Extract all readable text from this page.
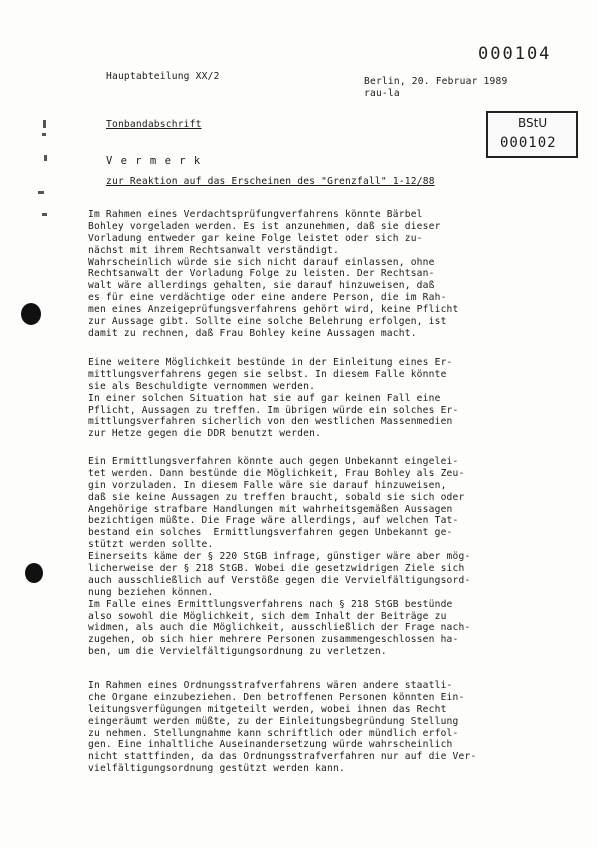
000104
Hauptabteilung XX/2	Berlin, 20. Februar 1989
rau-la
BStU
000102
Tonbandabschrift
V e r m e r k
zur Reaktion auf das Erscheinen des "Grenzfall" 1-12/88
Im Rahmen eines Verdachtsprüfungverfahrens könnte Bärbel
Bohley vorgeladen werden. Es ist anzunehmen, daß sie dieser
Vorladung entweder gar keine Folge leistet oder sich zu-
nächst mit ihrem Rechtsanwalt verständigt.
Wahrscheinlich würde sie sich nicht darauf einlassen, ohne
Rechtsanwalt der Vorladung Folge zu leisten. Der Rechtsan-
walt wäre allerdings gehalten, sie darauf hinzuweisen, daß
es für eine verdächtige oder eine andere Person, die im Rah-
men eines Anzeigeprüfungsverfahrens gehört wird, keine Pflicht
zur Aussage gibt. Sollte eine solche Belehrung erfolgen, ist
damit zu rechnen, daß Frau Bohley keine Aussagen macht.
Eine weitere Möglichkeit bestünde in der Einleitung eines Er-
mittlungsverfahrens gegen sie selbst. In diesem Falle könnte
sie als Beschuldigte vernommen werden.
In einer solchen Situation hat sie auf gar keinen Fall eine
Pflicht, Aussagen zu treffen. Im übrigen würde ein solches Er-
mittlungsverfahren sicherlich von den westlichen Massenmedien
zur Hetze gegen die DDR benutzt werden.
Ein Ermittlungsverfahren könnte auch gegen Unbekannt eingelei-
tet werden. Dann bestünde die Möglichkeit, Frau Bohley als Zeu-
gin vorzuladen. In diesem Falle wäre sie darauf hinzuweisen,
daß sie keine Aussagen zu treffen braucht, sobald sie sich oder
Angehörige strafbare Handlungen mit wahrheitsgemäßen Aussagen
bezichtigen müßte. Die Frage wäre allerdings, auf welchen Tat-
bestand ein solches  Ermittlungsverfahren gegen Unbekannt ge-
stützt werden sollte.
Einerseits käme der § 220 StGB infrage, günstiger wäre aber mög-
licherweise der § 218 StGB. Wobei die gesetzwidrigen Ziele sich
auch ausschließlich auf Verstöße gegen die Vervielfältigungsord-
nung beziehen können.
Im Falle eines Ermittlungsverfahrens nach § 218 StGB bestünde
also sowohl die Möglichkeit, sich dem Inhalt der Beiträge zu
widmen, als auch die Möglichkeit, ausschließlich der Frage nach-
zugehen, ob sich hier mehrere Personen zusammengeschlossen ha-
ben, um die Vervielfältigungsordnung zu verletzen.
In Rahmen eines Ordnungsstrafverfahrens wären andere staatli-
che Organe einzubeziehen. Den betroffenen Personen könnten Ein-
leitungsverfügungen mitgeteilt werden, wobei ihnen das Recht
eingeräumt werden müßte, zu der Einleitungsbegründung Stellung
zu nehmen. Stellungnahme kann schriftlich oder mündlich erfol-
gen. Eine inhaltliche Auseinandersetzung würde wahrscheinlich
nicht stattfinden, da das Ordnungsstrafverfahren nur auf die Ver-
vielfältigungsordnung gestützt werden kann.
